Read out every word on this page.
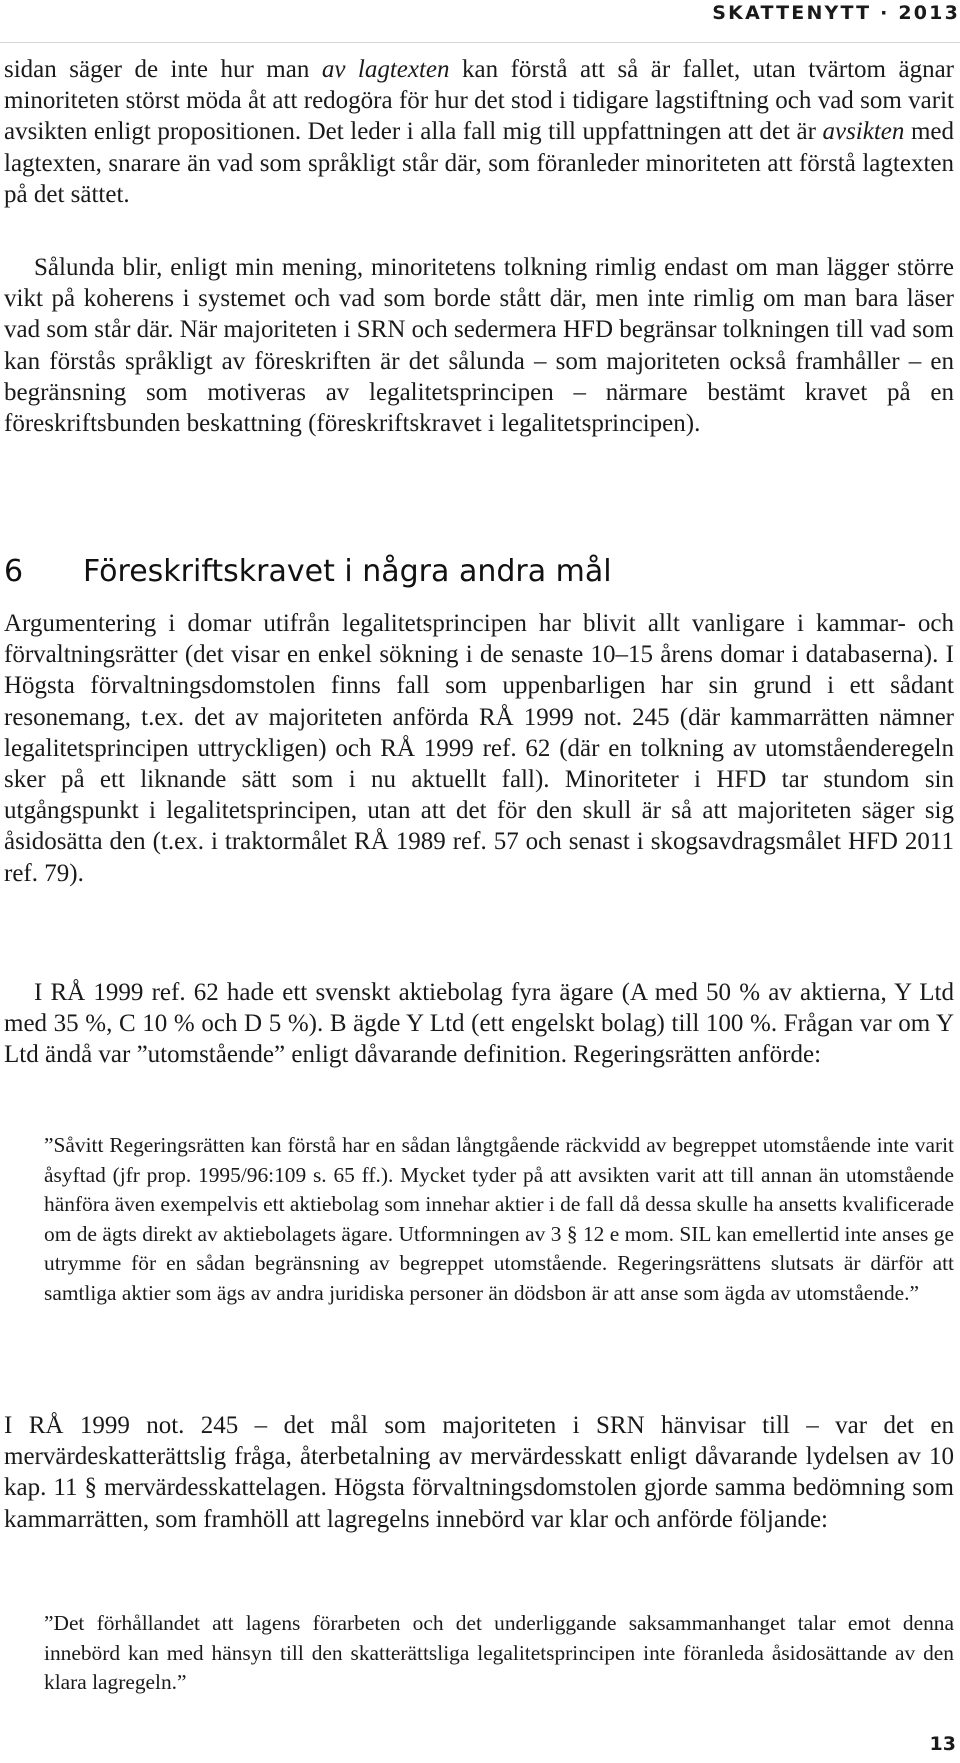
SKATTENYTT · 2013

sidan säger de inte hur man av lagtexten kan förstå att så är fallet, utan tvärtom ägnar minoriteten störst möda åt att redogöra för hur det stod i tidigare lagstiftning och vad som varit avsikten enligt propositionen. Det leder i alla fall mig till uppfattningen att det är avsikten med lagtexten, snarare än vad som språkligt står där, som föranleder minoriteten att förstå lagtexten på det sättet.

Sålunda blir, enligt min mening, minoritetens tolkning rimlig endast om man lägger större vikt på koherens i systemet och vad som borde stått där, men inte rimlig om man bara läser vad som står där. När majoriteten i SRN och sedermera HFD begränsar tolkningen till vad som kan förstås språkligt av föreskriften är det sålunda – som majoriteten också framhåller – en begränsning som motiveras av legalitetsprincipen – närmare bestämt kravet på en föreskriftsbunden beskattning (föreskriftskravet i legalitetsprincipen).

6 Föreskriftskravet i några andra mål

Argumentering i domar utifrån legalitetsprincipen har blivit allt vanligare i kammar- och förvaltningsrätter (det visar en enkel sökning i de senaste 10–15 årens domar i databaserna). I Högsta förvaltningsdomstolen finns fall som uppenbarligen har sin grund i ett sådant resonemang, t.ex. det av majoriteten anförda RÅ 1999 not. 245 (där kammarrätten nämner legalitetsprincipen uttryckligen) och RÅ 1999 ref. 62 (där en tolkning av utomståenderegeln sker på ett liknande sätt som i nu aktuellt fall). Minoriteter i HFD tar stundom sin utgångspunkt i legalitetsprincipen, utan att det för den skull är så att majoriteten säger sig åsidosätta den (t.ex. i traktormålet RÅ 1989 ref. 57 och senast i skogsavdragsmålet HFD 2011 ref. 79).

I RÅ 1999 ref. 62 hade ett svenskt aktiebolag fyra ägare (A med 50 % av aktierna, Y Ltd med 35 %, C 10 % och D 5 %). B ägde Y Ltd (ett engelskt bolag) till 100 %. Frågan var om Y Ltd ändå var ”utomstående” enligt dåvarande definition. Regeringsrätten anförde:

”Såvitt Regeringsrätten kan förstå har en sådan långtgående räckvidd av begreppet utomstående inte varit åsyftad (jfr prop. 1995/96:109 s. 65 ff.). Mycket tyder på att avsikten varit att till annan än utomstående hänföra även exempelvis ett aktiebolag som innehar aktier i de fall då dessa skulle ha ansetts kvalificerade om de ägts direkt av aktiebolagets ägare. Utformningen av 3 § 12 e mom. SIL kan emellertid inte anses ge utrymme för en sådan begränsning av begreppet utomstående. Regeringsrättens slutsats är därför att samtliga aktier som ägs av andra juridiska personer än dödsbon är att anse som ägda av utomstående.”

I RÅ 1999 not. 245 – det mål som majoriteten i SRN hänvisar till – var det en mervärdeskatterättslig fråga, återbetalning av mervärdesskatt enligt dåvarande lydelsen av 10 kap. 11 § mervärdesskattelagen. Högsta förvaltningsdomstolen gjorde samma bedömning som kammarrätten, som framhöll att lagregelns innebörd var klar och anförde följande:

”Det förhållandet att lagens förarbeten och det underliggande saksammanhanget talar emot denna innebörd kan med hänsyn till den skatterättsliga legalitetsprincipen inte föranleda åsidosättande av den klara lagregeln.”
13
